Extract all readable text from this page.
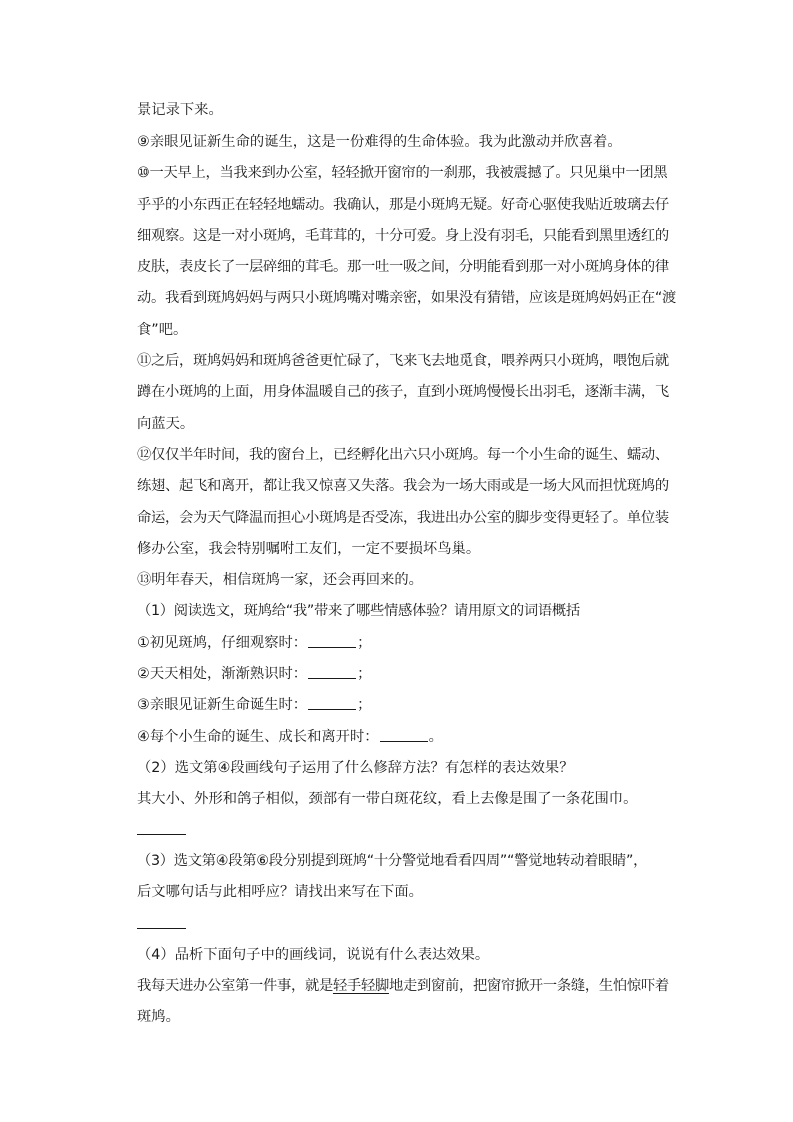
景记录下来。
⑨亲眼见证新生命的诞生，这是一份难得的生命体验。我为此激动并欣喜着。
⑩一天早上，当我来到办公室，轻轻掀开窗帘的一刹那，我被震撼了。只见巢中一团黑
乎乎的小东西正在轻轻地蠕动。我确认，那是小斑鸠无疑。好奇心驱使我贴近玻璃去仔
细观察。这是一对小斑鸠，毛茸茸的，十分可爱。身上没有羽毛，只能看到黑里透红的
皮肤，表皮长了一层碎细的茸毛。那一吐一吸之间，分明能看到那一对小斑鸠身体的律
动。我看到斑鸠妈妈与两只小斑鸠嘴对嘴亲密，如果没有猜错，应该是斑鸠妈妈正在“渡
食”吧。
⑪之后，斑鸠妈妈和斑鸠爸爸更忙碌了，飞来飞去地觅食，喂养两只小斑鸠，喂饱后就
蹲在小斑鸠的上面，用身体温暖自己的孩子，直到小斑鸠慢慢长出羽毛，逐渐丰满，飞
向蓝天。
⑫仅仅半年时间，我的窗台上，已经孵化出六只小斑鸠。每一个小生命的诞生、蠕动、
练翅、起飞和离开，都让我又惊喜又失落。我会为一场大雨或是一场大风而担忧斑鸠的
命运，会为天气降温而担心小斑鸠是否受冻，我进出办公室的脚步变得更轻了。单位装
修办公室，我会特别嘱咐工友们，一定不要损坏鸟巢。
⑬明年春天，相信斑鸠一家，还会再回来的。
（1）阅读选文，斑鸠给“我”带来了哪些情感体验？请用原文的词语概括
①初见斑鸠，仔细观察时：	；
②天天相处，渐渐熟识时：	；
③亲眼见证新生命诞生时：	；
④每个小生命的诞生、成长和离开时：	。
（2）选文第④段画线句子运用了什么修辞方法？有怎样的表达效果？
其大小、外形和鸽子相似，颈部有一带白斑花纹，看上去像是围了一条花围巾。
（3）选文第④段第⑥段分别提到斑鸠“十分警觉地看看四周”“警觉地转动着眼睛”，
后文哪句话与此相呼应？请找出来写在下面。
（4）品析下面句子中的画线词，说说有什么表达效果。
我每天进办公室第一件事，就是轻手轻脚地走到窗前，把窗帘掀开一条缝，生怕惊吓着
斑鸠。
